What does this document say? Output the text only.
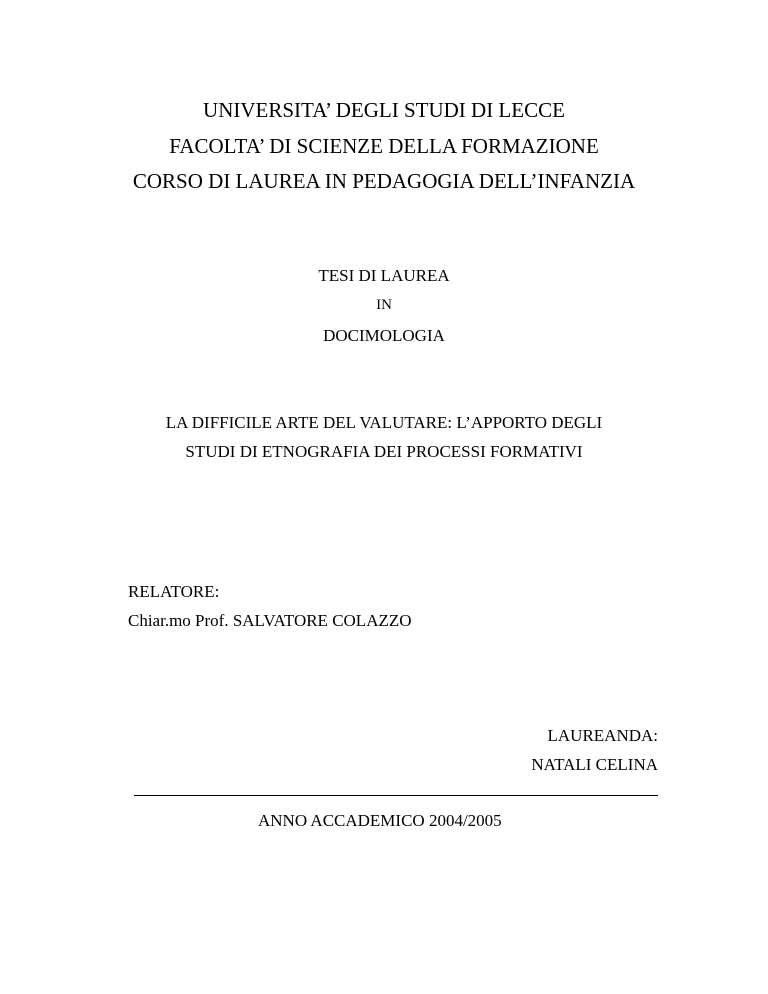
UNIVERSITA’ DEGLI STUDI DI LECCE
FACOLTA’ DI SCIENZE DELLA FORMAZIONE
CORSO DI LAUREA IN PEDAGOGIA DELL’INFANZIA
TESI DI LAUREA
IN
DOCIMOLOGIA
LA DIFFICILE ARTE DEL VALUTARE: L’APPORTO DEGLI
STUDI DI ETNOGRAFIA DEI PROCESSI FORMATIVI
RELATORE:
Chiar.mo Prof. SALVATORE COLAZZO
LAUREANDA:
NATALI CELINA
ANNO ACCADEMICO 2004/2005
